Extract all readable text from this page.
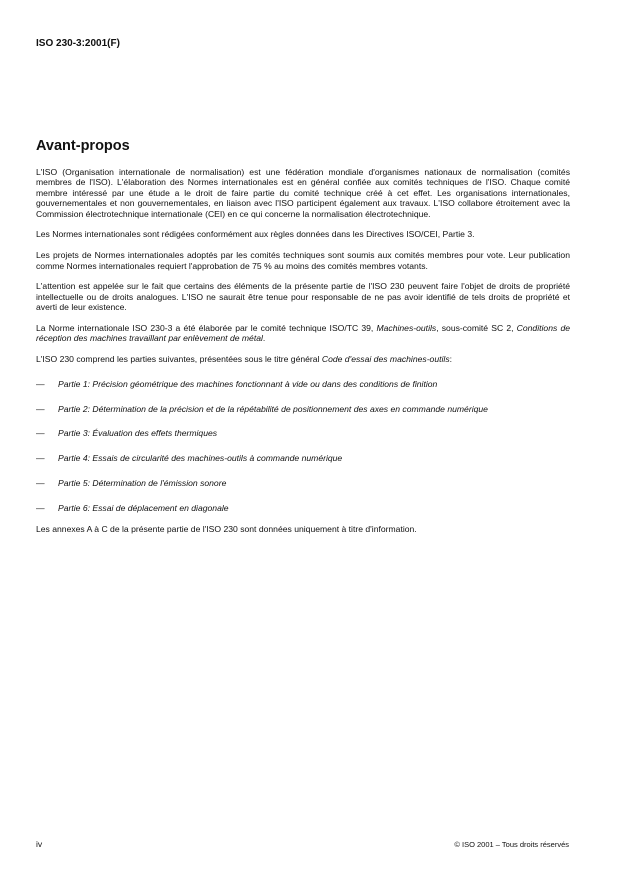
ISO 230-3:2001(F)
Avant-propos

L'ISO (Organisation internationale de normalisation) est une fédération mondiale d'organismes nationaux de normalisation (comités membres de l'ISO). L'élaboration des Normes internationales est en général confiée aux comités techniques de l'ISO. Chaque comité membre intéressé par une étude a le droit de faire partie du comité technique créé à cet effet. Les organisations internationales, gouvernementales et non gouvernementales, en liaison avec l'ISO participent également aux travaux. L'ISO collabore étroitement avec la Commission électrotechnique internationale (CEI) en ce qui concerne la normalisation électrotechnique.

Les Normes internationales sont rédigées conformément aux règles données dans les Directives ISO/CEI, Partie 3.

Les projets de Normes internationales adoptés par les comités techniques sont soumis aux comités membres pour vote. Leur publication comme Normes internationales requiert l'approbation de 75 % au moins des comités membres votants.

L'attention est appelée sur le fait que certains des éléments de la présente partie de l'ISO 230 peuvent faire l'objet de droits de propriété intellectuelle ou de droits analogues. L'ISO ne saurait être tenue pour responsable de ne pas avoir identifié de tels droits de propriété et averti de leur existence.

La Norme internationale ISO 230-3 a été élaborée par le comité technique ISO/TC 39, Machines-outils, sous-comité SC 2, Conditions de réception des machines travaillant par enlèvement de métal.

L'ISO 230 comprend les parties suivantes, présentées sous le titre général Code d'essai des machines-outils:

—	Partie 1: Précision géométrique des machines fonctionnant à vide ou dans des conditions de finition
—	Partie 2: Détermination de la précision et de la répétabilité de positionnement des axes en commande numérique
—	Partie 3: Évaluation des effets thermiques
—	Partie 4: Essais de circularité des machines-outils à commande numérique
—	Partie 5: Détermination de l'émission sonore
—	Partie 6: Essai de déplacement en diagonale

Les annexes A à C de la présente partie de l'ISO 230 sont données uniquement à titre d'information.

iv	© ISO 2001 – Tous droits réservés
